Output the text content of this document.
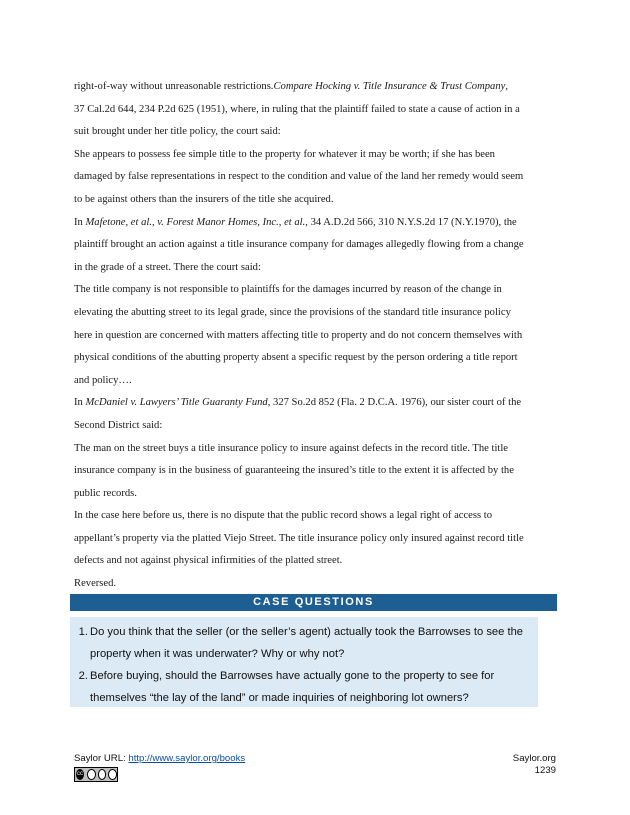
right-of-way without unreasonable restrictions.Compare Hocking v. Title Insurance & Trust Company,
37 Cal.2d 644, 234 P.2d 625 (1951), where, in ruling that the plaintiff failed to state a cause of action in a
suit brought under her title policy, the court said:
She appears to possess fee simple title to the property for whatever it may be worth; if she has been
damaged by false representations in respect to the condition and value of the land her remedy would seem
to be against others than the insurers of the title she acquired.
In Mafetone, et al., v. Forest Manor Homes, Inc., et al., 34 A.D.2d 566, 310 N.Y.S.2d 17 (N.Y.1970), the
plaintiff brought an action against a title insurance company for damages allegedly flowing from a change
in the grade of a street. There the court said:
The title company is not responsible to plaintiffs for the damages incurred by reason of the change in
elevating the abutting street to its legal grade, since the provisions of the standard title insurance policy
here in question are concerned with matters affecting title to property and do not concern themselves with
physical conditions of the abutting property absent a specific request by the person ordering a title report
and policy….
In McDaniel v. Lawyers’ Title Guaranty Fund, 327 So.2d 852 (Fla. 2 D.C.A. 1976), our sister court of the
Second District said:
The man on the street buys a title insurance policy to insure against defects in the record title. The title
insurance company is in the business of guaranteeing the insured’s title to the extent it is affected by the
public records.
In the case here before us, there is no dispute that the public record shows a legal right of access to
appellant’s property via the platted Viejo Street. The title insurance policy only insured against record title
defects and not against physical infirmities of the platted street.
Reversed.
CASE QUESTIONS
1. Do you think that the seller (or the seller’s agent) actually took the Barrowses to see the
property when it was underwater? Why or why not?
2. Before buying, should the Barrowses have actually gone to the property to see for
themselves “the lay of the land” or made inquiries of neighboring lot owners?
Saylor URL: http://www.saylor.org/books	Saylor.org
1239
cc
